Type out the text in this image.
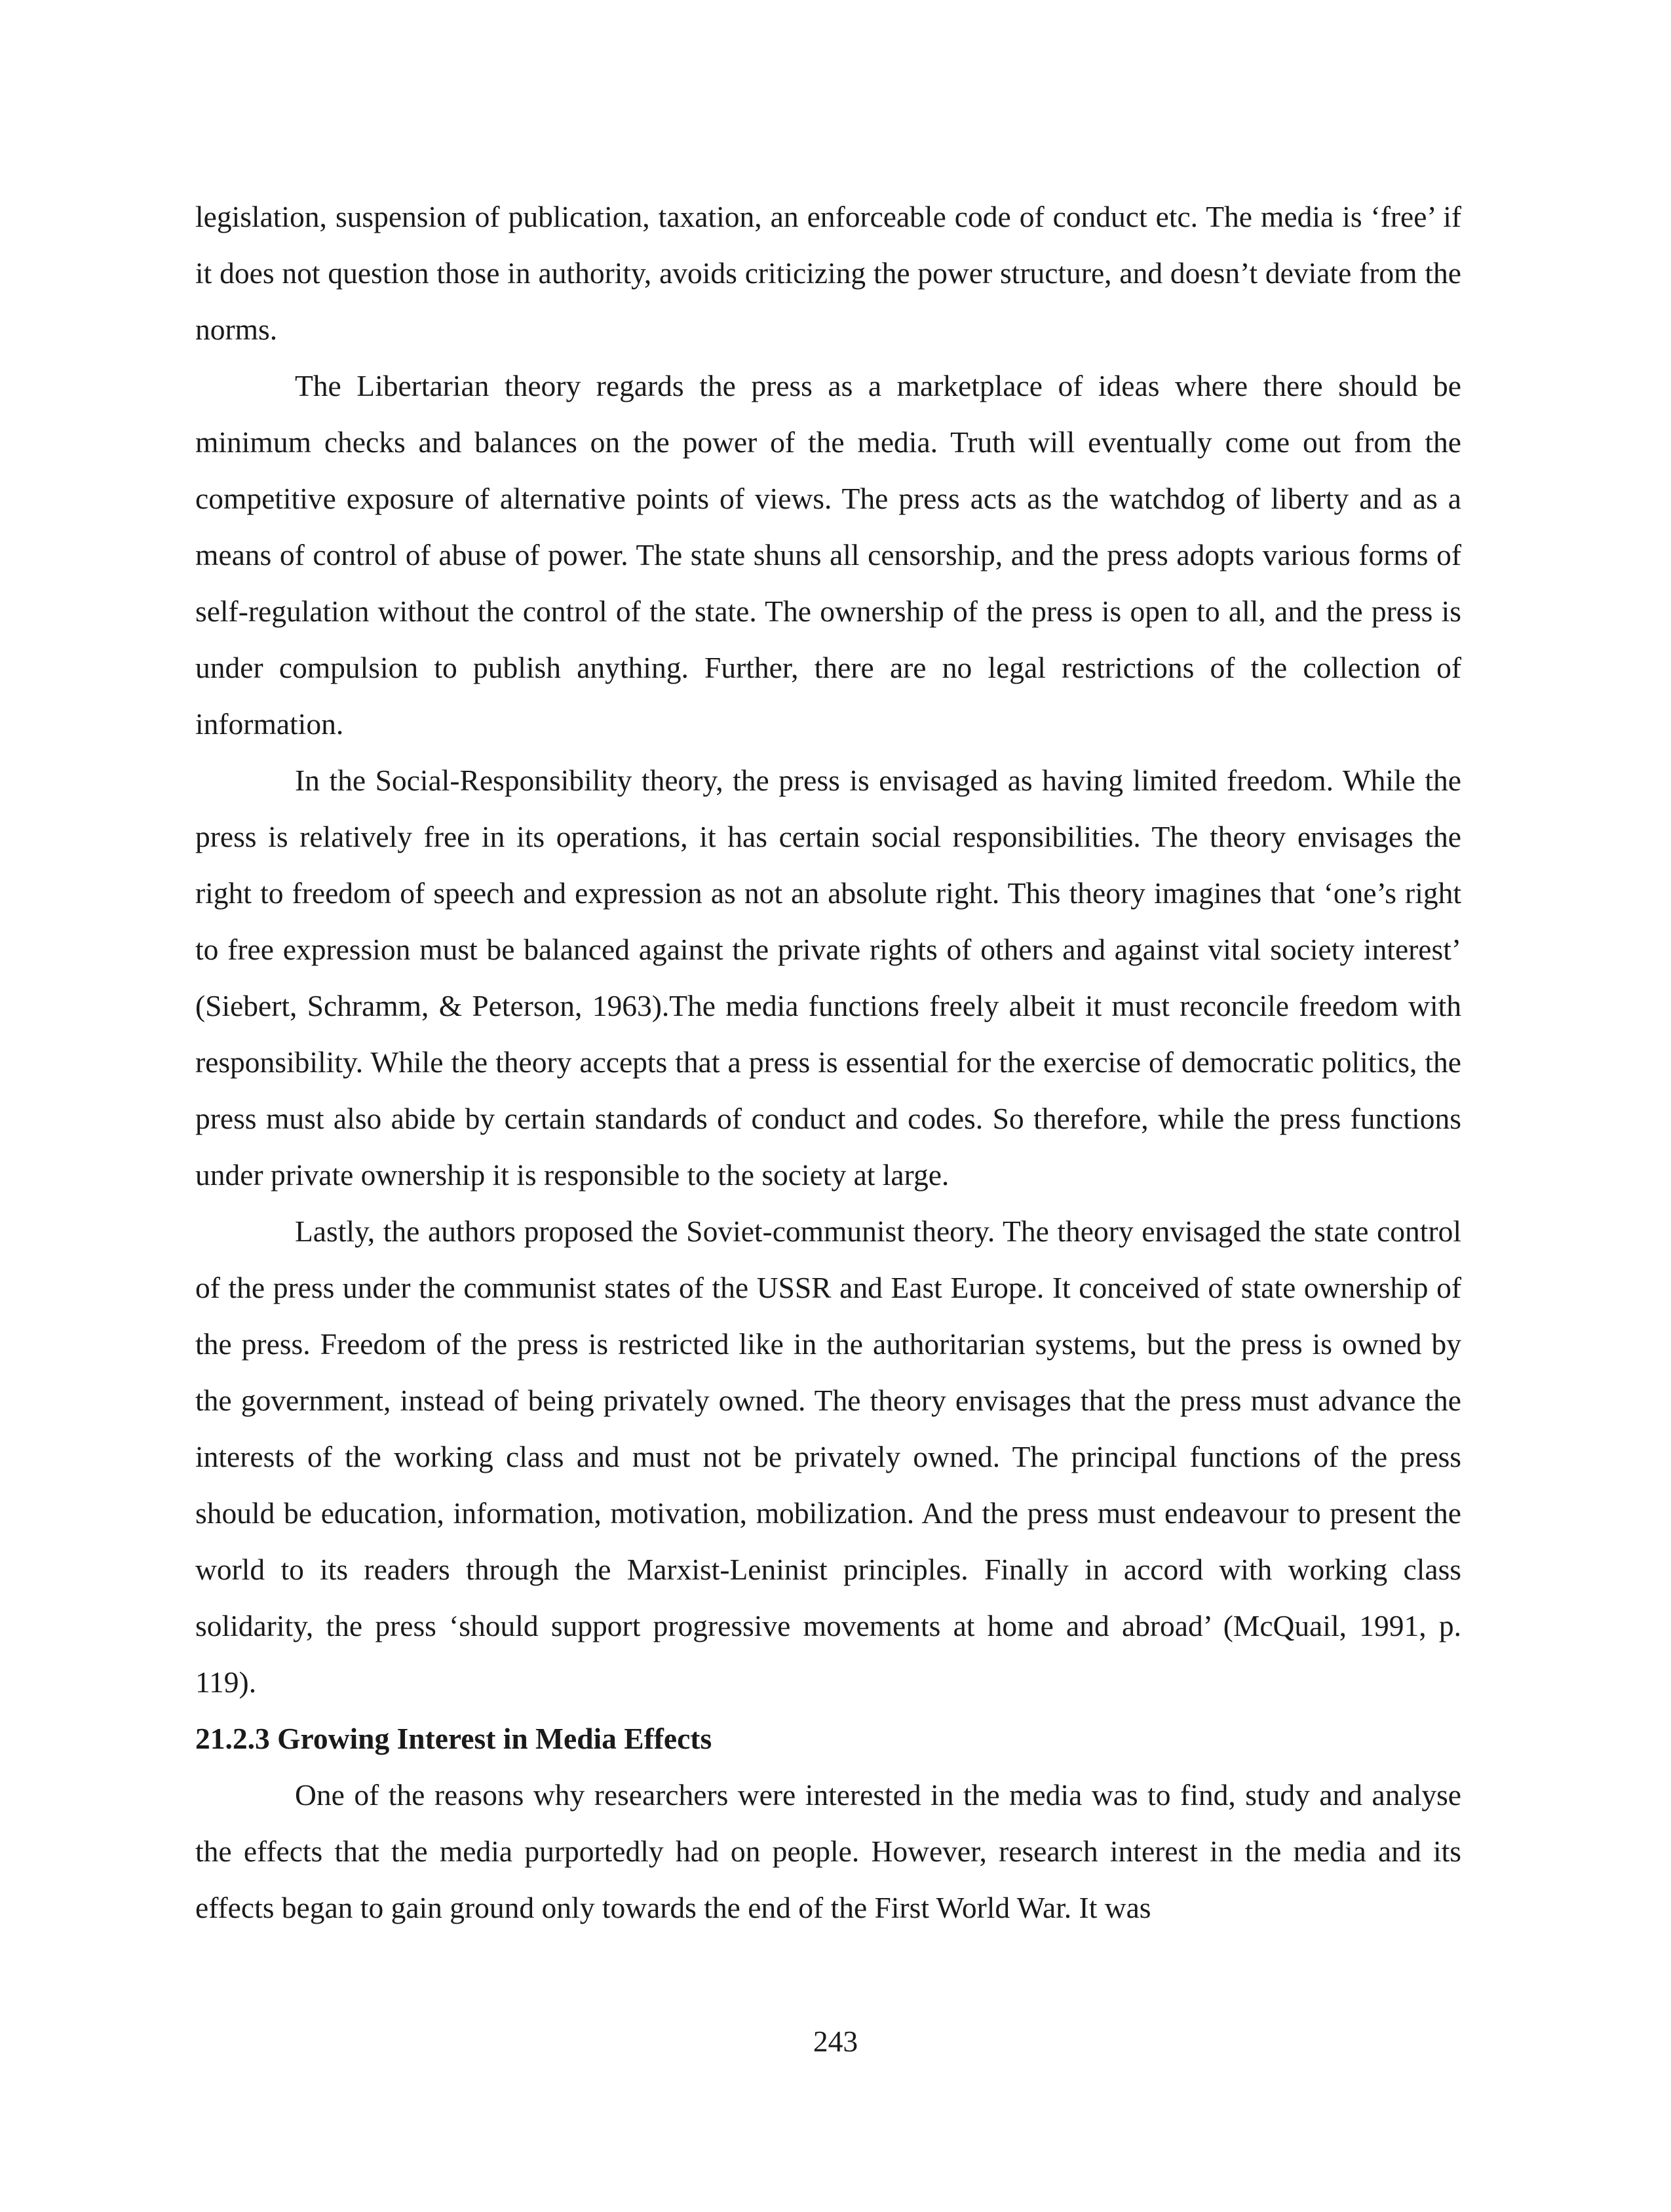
legislation, suspension of publication, taxation, an enforceable code of conduct etc. The media is ‘free’ if it does not question those in authority, avoids criticizing the power structure, and doesn’t deviate from the norms.

The Libertarian theory regards the press as a marketplace of ideas where there should be minimum checks and balances on the power of the media. Truth will eventually come out from the competitive exposure of alternative points of views. The press acts as the watchdog of liberty and as a means of control of abuse of power. The state shuns all censorship, and the press adopts various forms of self-regulation without the control of the state. The ownership of the press is open to all, and the press is under compulsion to publish anything. Further, there are no legal restrictions of the collection of information.

In the Social-Responsibility theory, the press is envisaged as having limited freedom. While the press is relatively free in its operations, it has certain social responsibilities. The theory envisages the right to freedom of speech and expression as not an absolute right. This theory imagines that ‘one’s right to free expression must be balanced against the private rights of others and against vital society interest’ (Siebert, Schramm, & Peterson, 1963).The media functions freely albeit it must reconcile freedom with responsibility. While the theory accepts that a press is essential for the exercise of democratic politics, the press must also abide by certain standards of conduct and codes. So therefore, while the press functions under private ownership it is responsible to the society at large.

Lastly, the authors proposed the Soviet-communist theory. The theory envisaged the state control of the press under the communist states of the USSR and East Europe. It conceived of state ownership of the press. Freedom of the press is restricted like in the authoritarian systems, but the press is owned by the government, instead of being privately owned. The theory envisages that the press must advance the interests of the working class and must not be privately owned. The principal functions of the press should be education, information, motivation, mobilization. And the press must endeavour to present the world to its readers through the Marxist-Leninist principles. Finally in accord with working class solidarity, the press ‘should support progressive movements at home and abroad’ (McQuail, 1991, p. 119).

21.2.3 Growing Interest in Media Effects

One of the reasons why researchers were interested in the media was to find, study and analyse the effects that the media purportedly had on people. However, research interest in the media and its effects began to gain ground only towards the end of the First World War. It was

243
